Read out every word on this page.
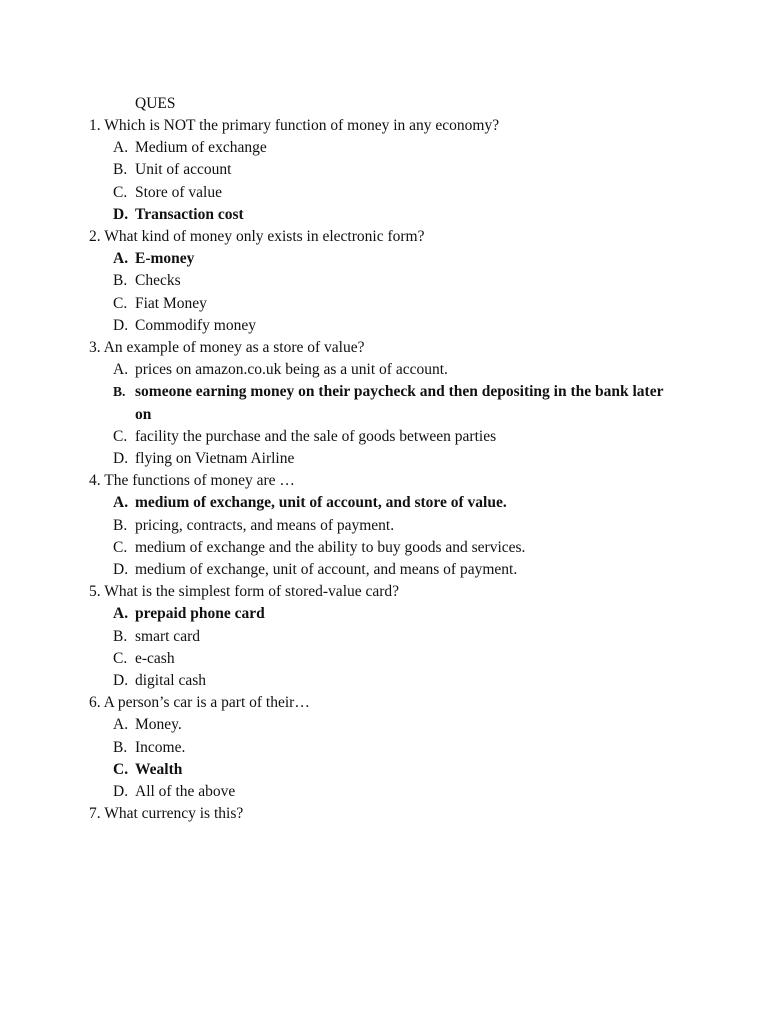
QUES
1. Which is NOT the primary function of money in any economy?
A. Medium of exchange
B. Unit of account
C. Store of value
D. Transaction cost
2. What kind of money only exists in electronic form?
A. E-money
B. Checks
C. Fiat Money
D. Commodify money
3. An example of money as a store of value?
A. prices on amazon.co.uk being as a unit of account.
B. someone earning money on their paycheck and then depositing in the bank later on
C. facility the purchase and the sale of goods between parties
D. flying on Vietnam Airline
4. The functions of money are …
A. medium of exchange, unit of account, and store of value.
B. pricing, contracts, and means of payment.
C. medium of exchange and the ability to buy goods and services.
D. medium of exchange, unit of account, and means of payment.
5. What is the simplest form of stored-value card?
A. prepaid phone card
B. smart card
C. e-cash
D. digital cash
6. A person’s car is a part of their…
A. Money.
B. Income.
C. Wealth
D. All of the above
7. What currency is this?
